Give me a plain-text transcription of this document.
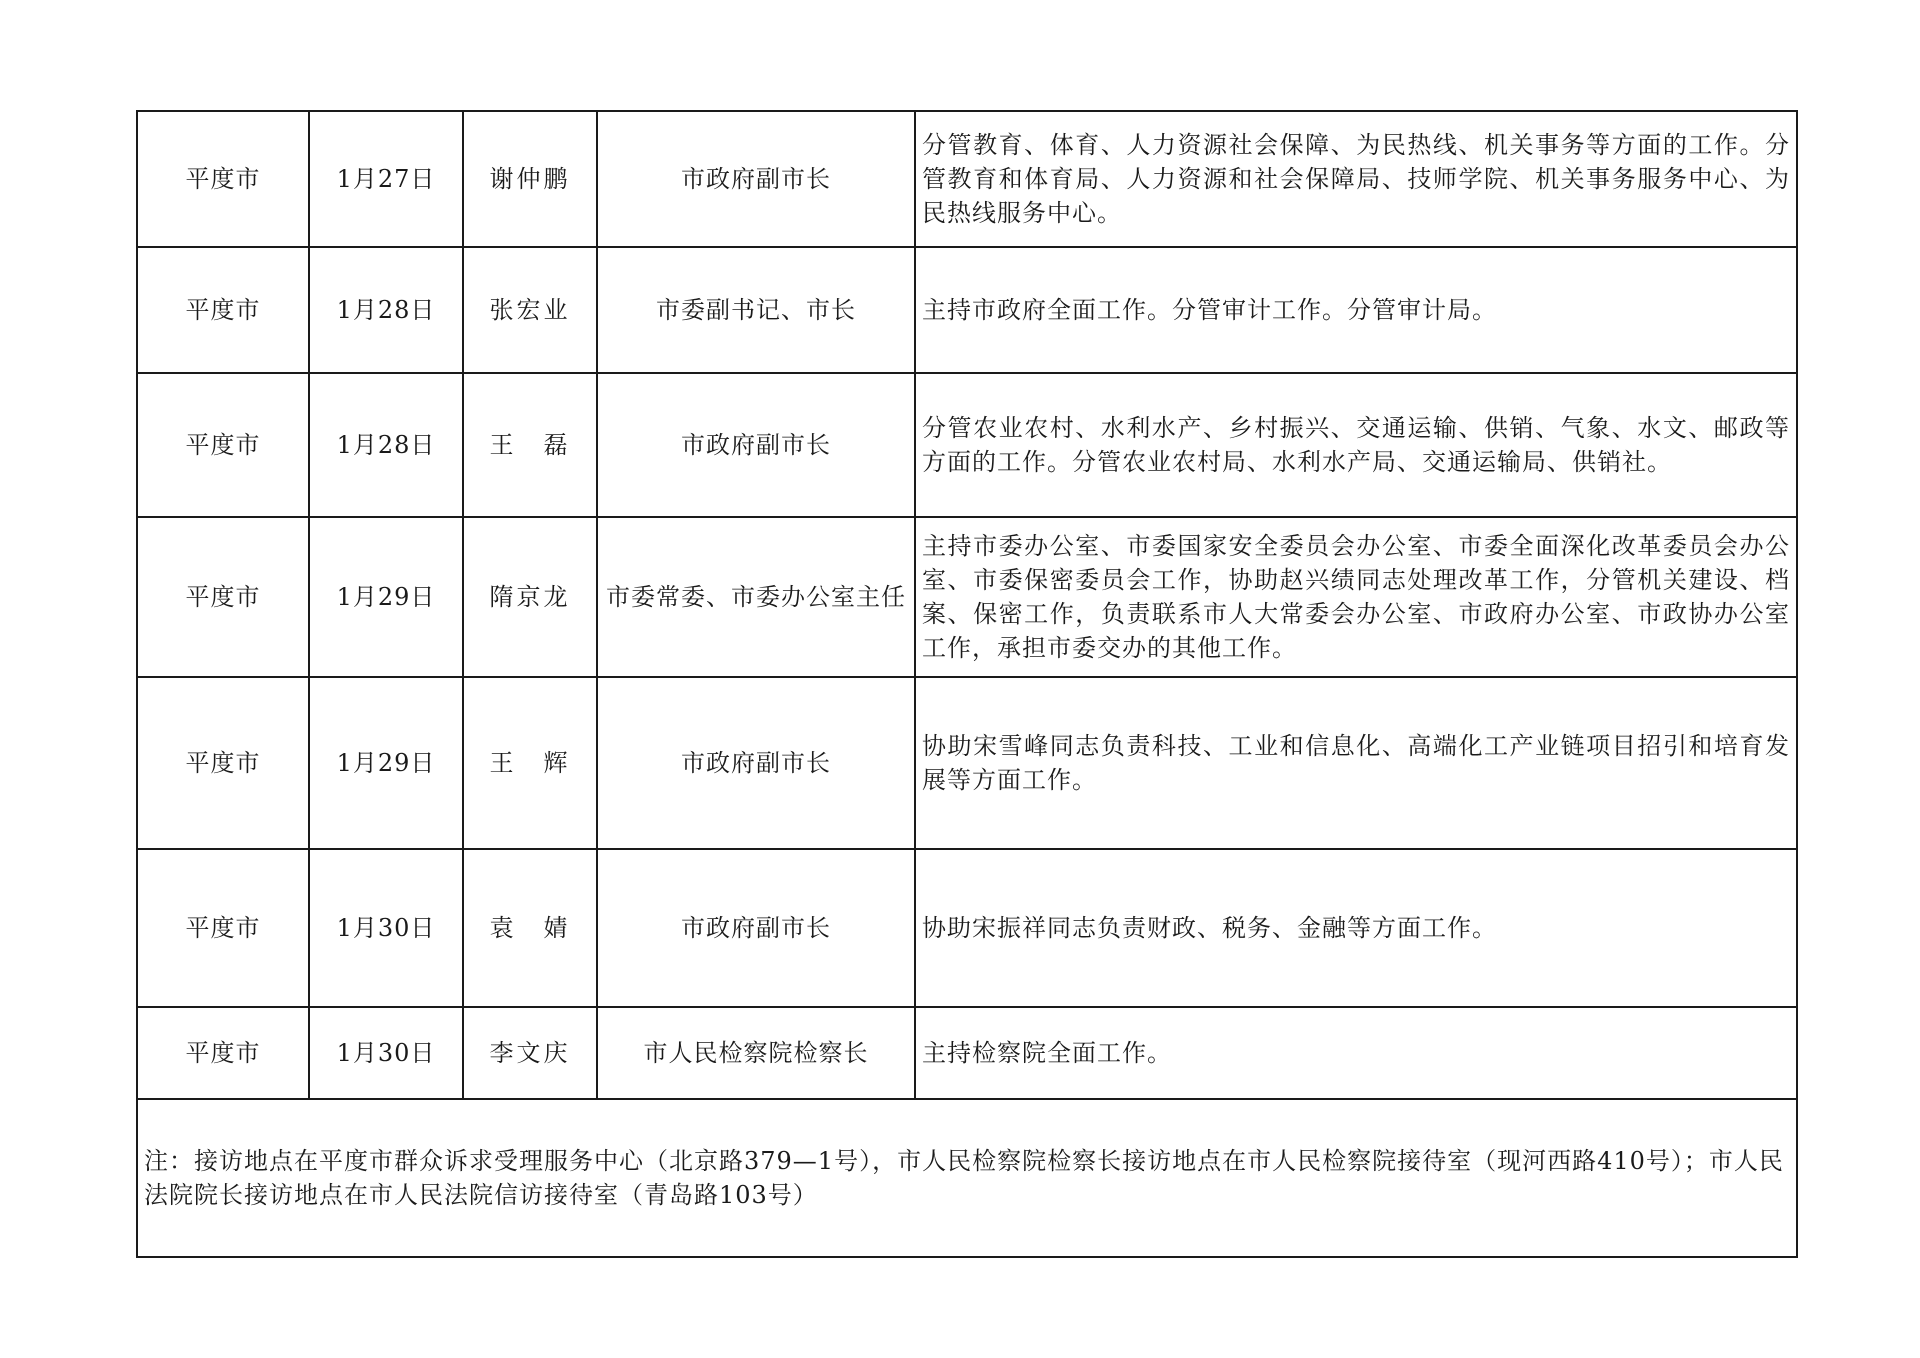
平度市	1月27日	谢仲鹏	市政府副市长	分管教育、体育、人力资源社会保障、为民热线、机关事务等方面的工作。分管教育和体育局、人力资源和社会保障局、技师学院、机关事务服务中心、为民热线服务中心。
平度市	1月28日	张宏业	市委副书记、市长	主持市政府全面工作。分管审计工作。分管审计局。
平度市	1月28日	王　磊	市政府副市长	分管农业农村、水利水产、乡村振兴、交通运输、供销、气象、水文、邮政等方面的工作。分管农业农村局、水利水产局、交通运输局、供销社。
平度市	1月29日	隋京龙	市委常委、市委办公室主任	主持市委办公室、市委国家安全委员会办公室、市委全面深化改革委员会办公室、市委保密委员会工作，协助赵兴绩同志处理改革工作，分管机关建设、档案、保密工作，负责联系市人大常委会办公室、市政府办公室、市政协办公室工作，承担市委交办的其他工作。
平度市	1月29日	王　辉	市政府副市长	协助宋雪峰同志负责科技、工业和信息化、高端化工产业链项目招引和培育发展等方面工作。
平度市	1月30日	袁　婧	市政府副市长	协助宋振祥同志负责财政、税务、金融等方面工作。
平度市	1月30日	李文庆	市人民检察院检察长	主持检察院全面工作。
注：接访地点在平度市群众诉求受理服务中心（北京路379—1号），市人民检察院检察长接访地点在市人民检察院接待室（现河西路410号）；市人民法院院长接访地点在市人民法院信访接待室（青岛路103号）				
